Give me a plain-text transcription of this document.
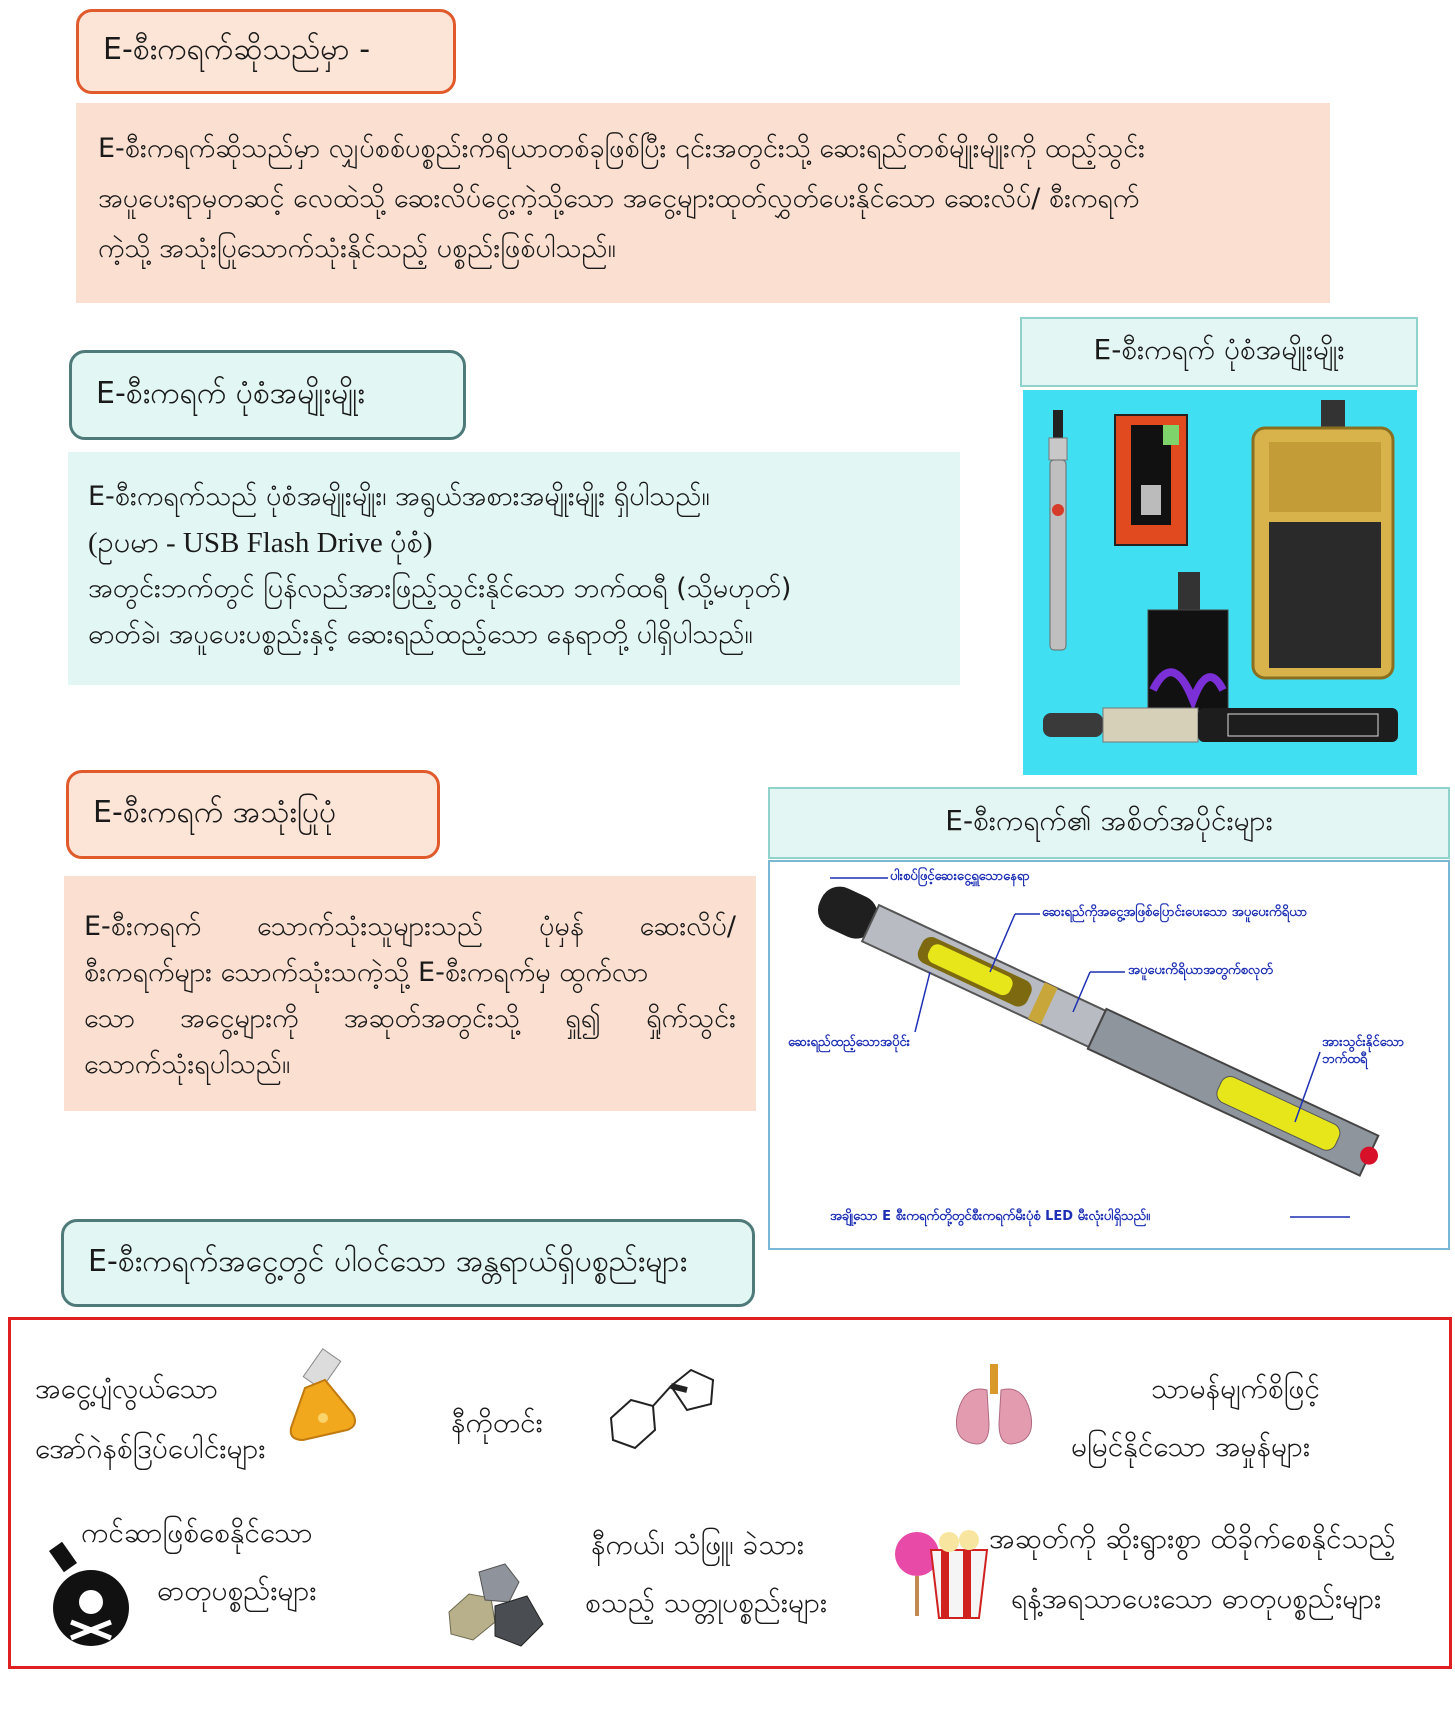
E-စီးကရက်ဆိုသည်မှာ -
E-စီးကရက်ဆိုသည်မှာ လျှပ်စစ်ပစ္စည်းကိရိယာတစ်ခုဖြစ်ပြီး ၎င်းအတွင်းသို့ ဆေးရည်တစ်မျိုးမျိုးကို ထည့်သွင်း
အပူပေးရာမှတဆင့် လေထဲသို့ ဆေးလိပ်ငွေ့ကဲ့သို့သော အငွေ့များထုတ်လွှတ်ပေးနိုင်သော ဆေးလိပ်/ စီးကရက်
ကဲ့သို့ အသုံးပြုသောက်သုံးနိုင်သည့် ပစ္စည်းဖြစ်ပါသည်။
E-စီးကရက် ပုံစံအမျိုးမျိုး
E-စီးကရက်သည် ပုံစံအမျိုးမျိုး၊ အရွယ်အစားအမျိုးမျိုး ရှိပါသည်။
(ဥပမာ - USB Flash Drive ပုံစံ)
အတွင်းဘက်တွင် ပြန်လည်အားဖြည့်သွင်းနိုင်သော ဘက်ထရီ (သို့မဟုတ်)
ဓာတ်ခဲ၊ အပူပေးပစ္စည်းနှင့် ဆေးရည်ထည့်သော နေရာတို့ ပါရှိပါသည်။
E-စီးကရက် ပုံစံအမျိုးမျိုး
E-စီးကရက် အသုံးပြုပုံ
E-စီးကရက် သောက်သုံးသူများသည် ပုံမှန် ဆေးလိပ်/
စီးကရက်များ သောက်သုံးသကဲ့သို့ E-စီးကရက်မှ ထွက်လာ
သော အငွေ့များကို အဆုတ်အတွင်းသို့ ရှူ၍ ရှိုက်သွင်း
သောက်သုံးရပါသည်။
E-စီးကရက်၏ အစိတ်အပိုင်းများ
ပါးစပ်ဖြင့်ဆေးငွေ့ရှူသောနေရာ
ဆေးရည်ကိုအငွေ့အဖြစ်ပြောင်းပေးသော အပူပေးကိရိယာ
အပူပေးကိရိယာအတွက်စလုတ်
ဆေးရည်ထည့်သောအပိုင်း	အားသွင်းနိုင်သော ဘက်ထရီ
အချို့သော E စီးကရက်တို့တွင်စီးကရက်မီးပုံစံ LED မီးလုံးပါရှိသည်။
E-စီးကရက်အငွေ့တွင် ပါဝင်သော အန္တရာယ်ရှိပစ္စည်းများ
အငွေ့ပျံလွယ်သော
အော်ဂဲနစ်ဒြပ်ပေါင်းများ
နီကိုတင်း
သာမန်မျက်စိဖြင့်
မမြင်နိုင်သော အမှုန်များ
ကင်ဆာဖြစ်စေနိုင်သော
ဓာတုပစ္စည်းများ
နီကယ်၊ သံဖြူ၊ ခဲသား
စသည့် သတ္တုပစ္စည်းများ
အဆုတ်ကို ဆိုးရွားစွာ ထိခိုက်စေနိုင်သည့်
ရနံ့အရသာပေးသော ဓာတုပစ္စည်းများ
